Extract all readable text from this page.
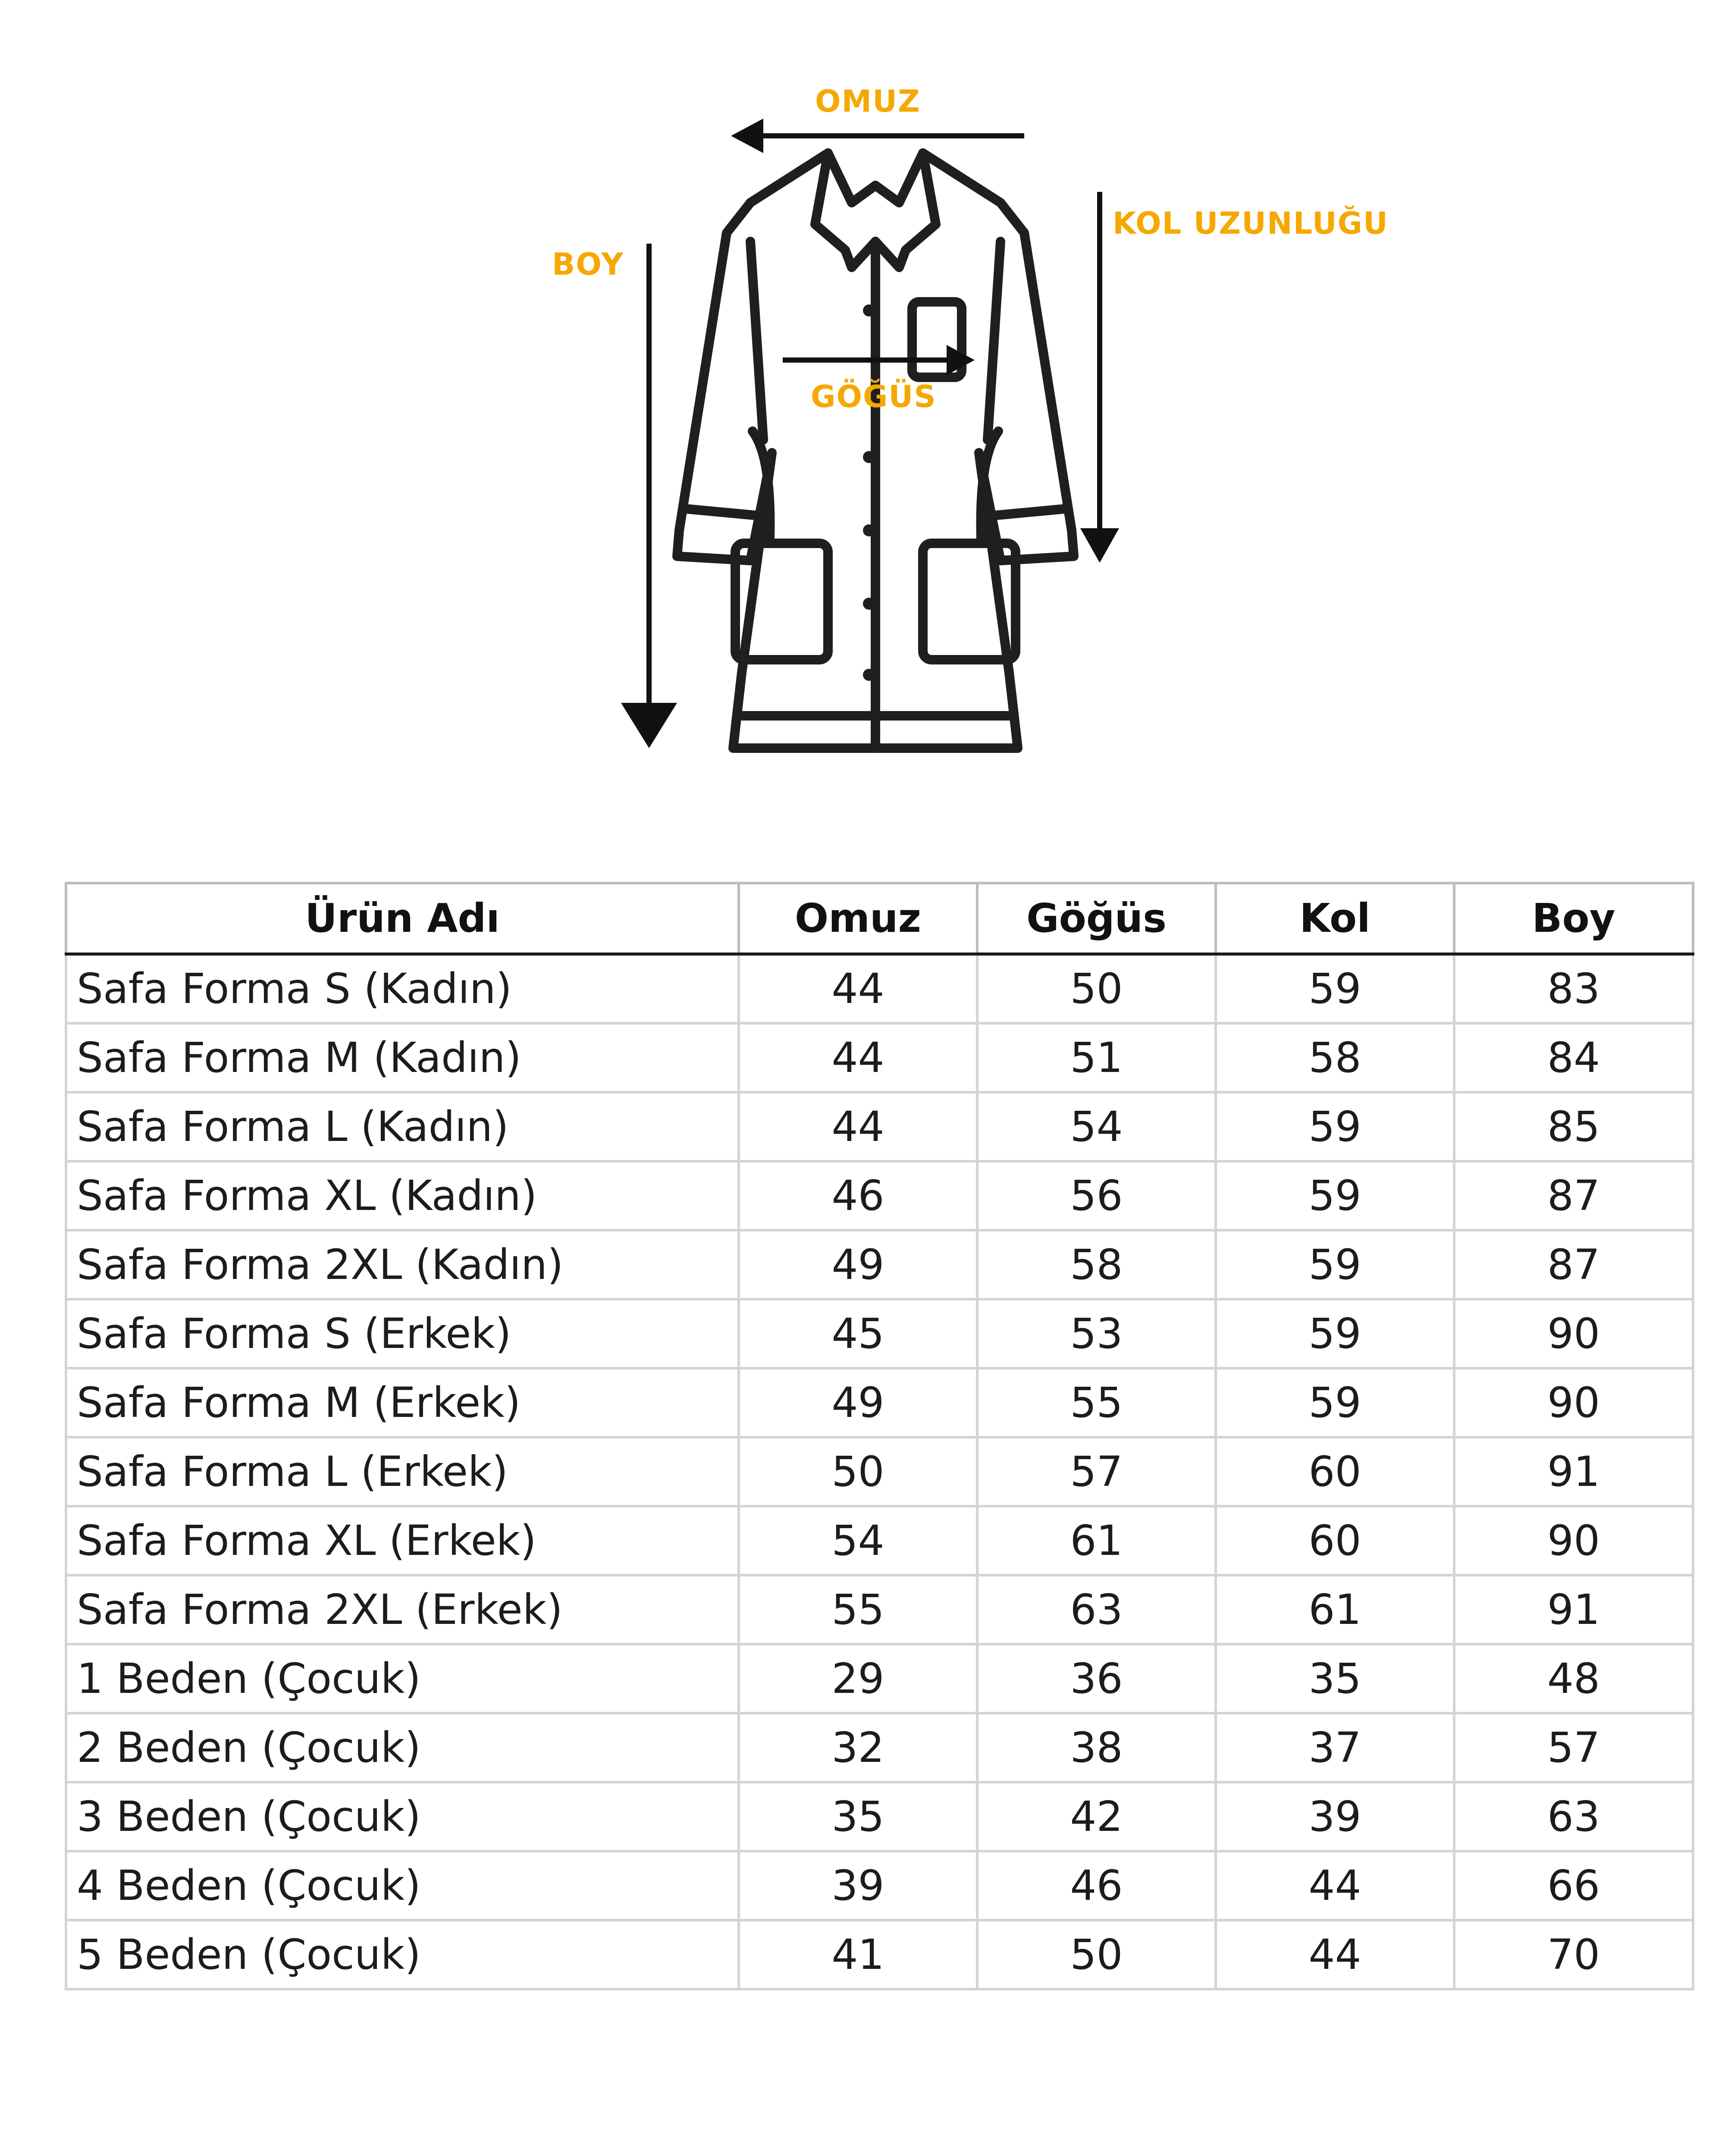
OMUZ
KOL UZUNLUĞU
BOY
GÖĞÜS
Ürün Adı	Omuz	Göğüs	Kol	Boy
Safa Forma S (Kadın)	44	50	59	83
Safa Forma M (Kadın)	44	51	58	84
Safa Forma L (Kadın)	44	54	59	85
Safa Forma XL (Kadın)	46	56	59	87
Safa Forma 2XL (Kadın)	49	58	59	87
Safa Forma S (Erkek)	45	53	59	90
Safa Forma M (Erkek)	49	55	59	90
Safa Forma L (Erkek)	50	57	60	91
Safa Forma XL (Erkek)	54	61	60	90
Safa Forma 2XL (Erkek)	55	63	61	91
1 Beden (Çocuk)	29	36	35	48
2 Beden (Çocuk)	32	38	37	57
3 Beden (Çocuk)	35	42	39	63
4 Beden (Çocuk)	39	46	44	66
5 Beden (Çocuk)	41	50	44	70
